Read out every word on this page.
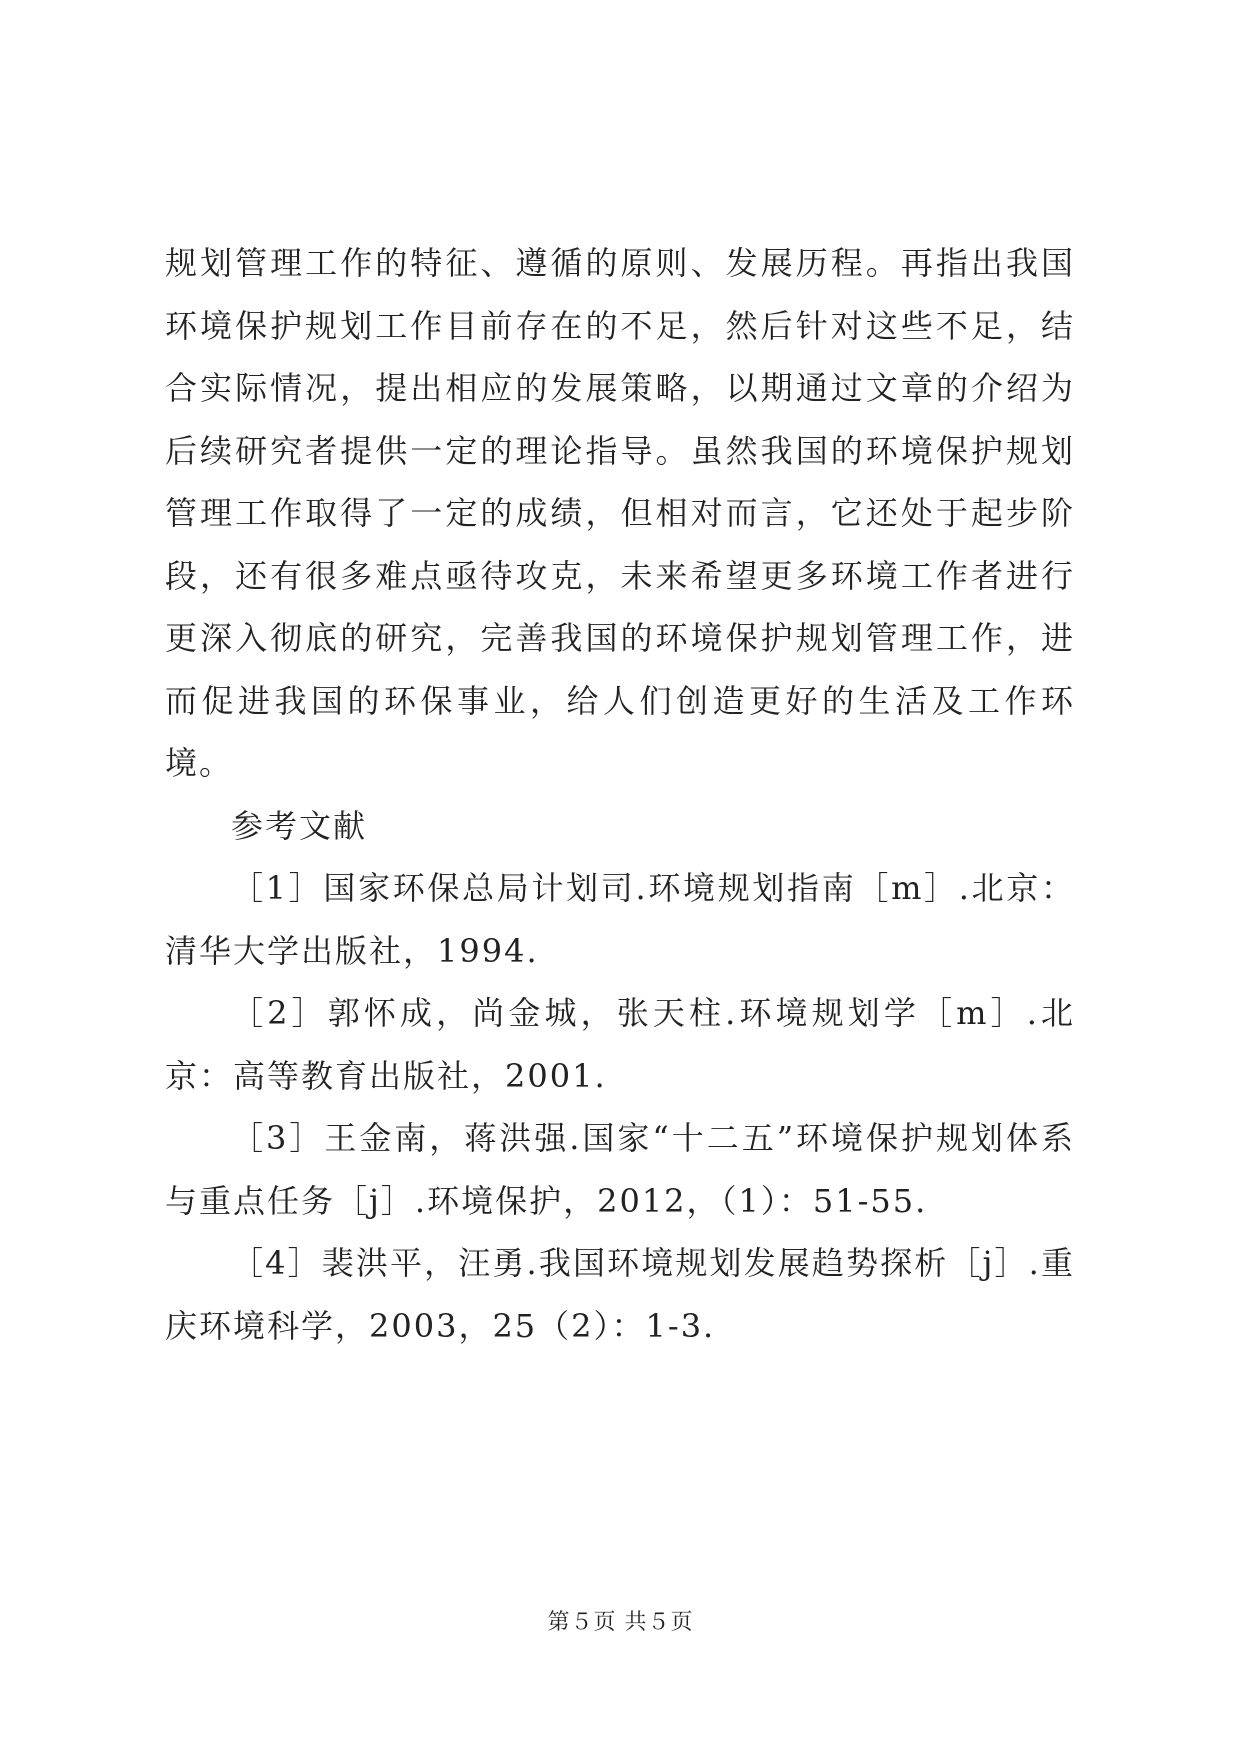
规划管理工作的特征、遵循的原则、发展历程。再指出我国环境保护规划工作目前存在的不足，然后针对这些不足，结合实际情况，提出相应的发展策略，以期通过文章的介绍为后续研究者提供一定的理论指导。虽然我国的环境保护规划管理工作取得了一定的成绩，但相对而言，它还处于起步阶段，还有很多难点亟待攻克，未来希望更多环境工作者进行更深入彻底的研究，完善我国的环境保护规划管理工作，进而促进我国的环保事业，给人们创造更好的生活及工作环境。

参考文献

［1］国家环保总局计划司.环境规划指南［m］.北京：清华大学出版社，1994.

［2］郭怀成，尚金城，张天柱.环境规划学［m］.北京：高等教育出版社，2001.

［3］王金南，蒋洪强.国家“十二五”环境保护规划体系与重点任务［j］.环境保护，2012，（1）：51-55.

［4］裴洪平，汪勇.我国环境规划发展趋势探析［j］.重庆环境科学，2003，25（2）：1-3.

第５页 共５页
